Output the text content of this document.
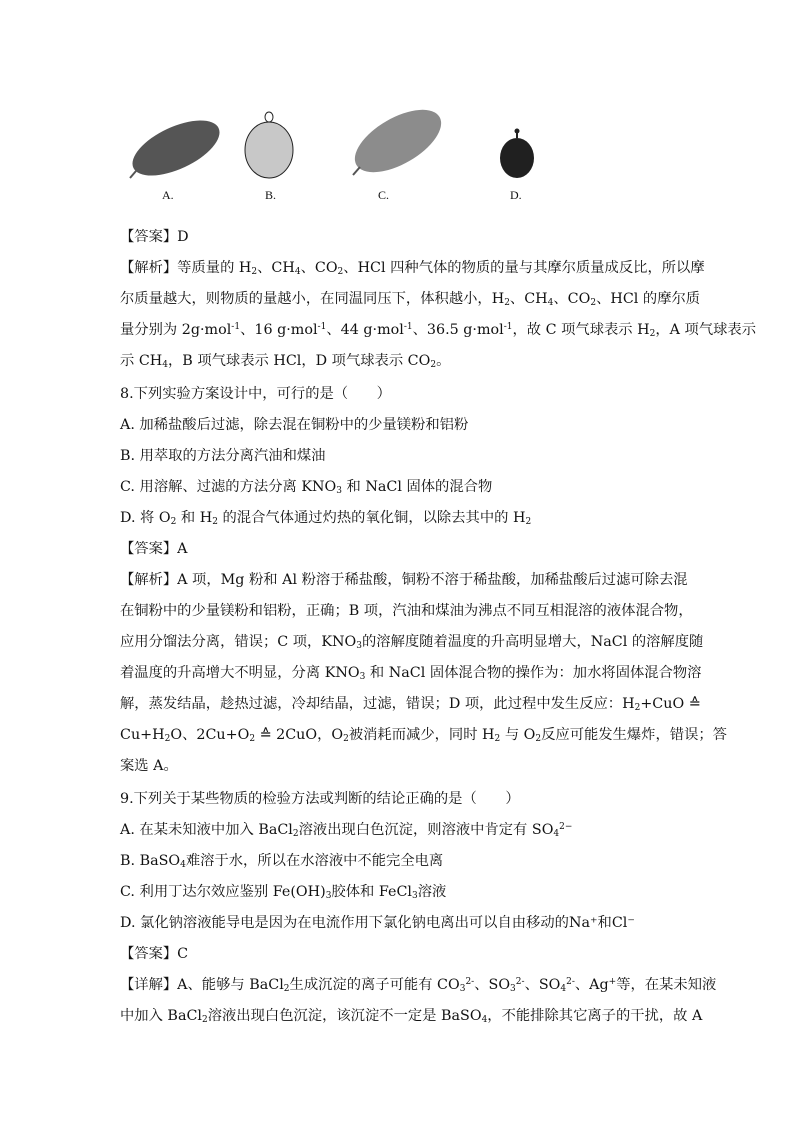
A.	B.	C.	D.
【答案】D
【解析】等质量的 $H_2$、$CH_4$、$CO_2$、HCl 四种气体的物质的量与其摩尔质量成反比，所以摩
尔质量越大，则物质的量越小，在同温同压下，体积越小，$H_2$、$CH_4$、$CO_2$、HCl 的摩尔质
量分别为 2g·mol$^{-1}$、16 g·mol$^{-1}$、44 g·mol$^{-1}$、36.5 g·mol$^{-1}$，故 C 项气球表示 $H_2$，A 项气球表示
示 $CH_4$，B 项气球表示 HCl，D 项气球表示 $CO_2$。
8.下列实验方案设计中，可行的是（　　）
A. 加稀盐酸后过滤，除去混在铜粉中的少量镁粉和铝粉
B. 用萃取的方法分离汽油和煤油
C. 用溶解、过滤的方法分离 $KNO_3$ 和 NaCl 固体的混合物
D. 将 $O_2$ 和 $H_2$ 的混合气体通过灼热的氧化铜，以除去其中的 $H_2$
【答案】A
【解析】A 项，Mg 粉和 Al 粉溶于稀盐酸，铜粉不溶于稀盐酸，加稀盐酸后过滤可除去混
在铜粉中的少量镁粉和铝粉，正确；B 项，汽油和煤油为沸点不同互相混溶的液体混合物，
应用分馏法分离，错误；C 项，$KNO_3$的溶解度随着温度的升高明显增大，NaCl 的溶解度随
着温度的升高增大不明显，分离 $KNO_3$ 和 NaCl 固体混合物的操作为：加水将固体混合物溶
解，蒸发结晶，趁热过滤，冷却结晶，过滤，错误；D 项，此过程中发生反应：$H_2+CuO$ ≙
$Cu+H_2O$、$2Cu+O_2$ ≙ 2CuO，$O_2$被消耗而减少，同时 $H_2$ 与 $O_2$反应可能发生爆炸，错误；答
案选 A。
9.下列关于某些物质的检验方法或判断的结论正确的是（　　）
A. 在某未知液中加入 BaCl$_2$溶液出现白色沉淀，则溶液中肯定有 $SO_4^{2-}$
B. BaSO$_4$难溶于水，所以在水溶液中不能完全电离
C. 利用丁达尔效应鉴别 $Fe(OH)_3$胶体和 FeCl$_3$溶液
D. 氯化钠溶液能导电是因为在电流作用下氯化钠电离出可以自由移动的Na⁺和Cl⁻
【答案】C
【详解】A、能够与 BaCl$_2$生成沉淀的离子可能有 $CO_3^{2-}$、$SO_3^{2-}$、$SO_4^{2-}$、Ag+等，在某未知液
中加入 BaCl$_2$溶液出现白色沉淀，该沉淀不一定是 BaSO$_4$，不能排除其它离子的干扰，故 A
